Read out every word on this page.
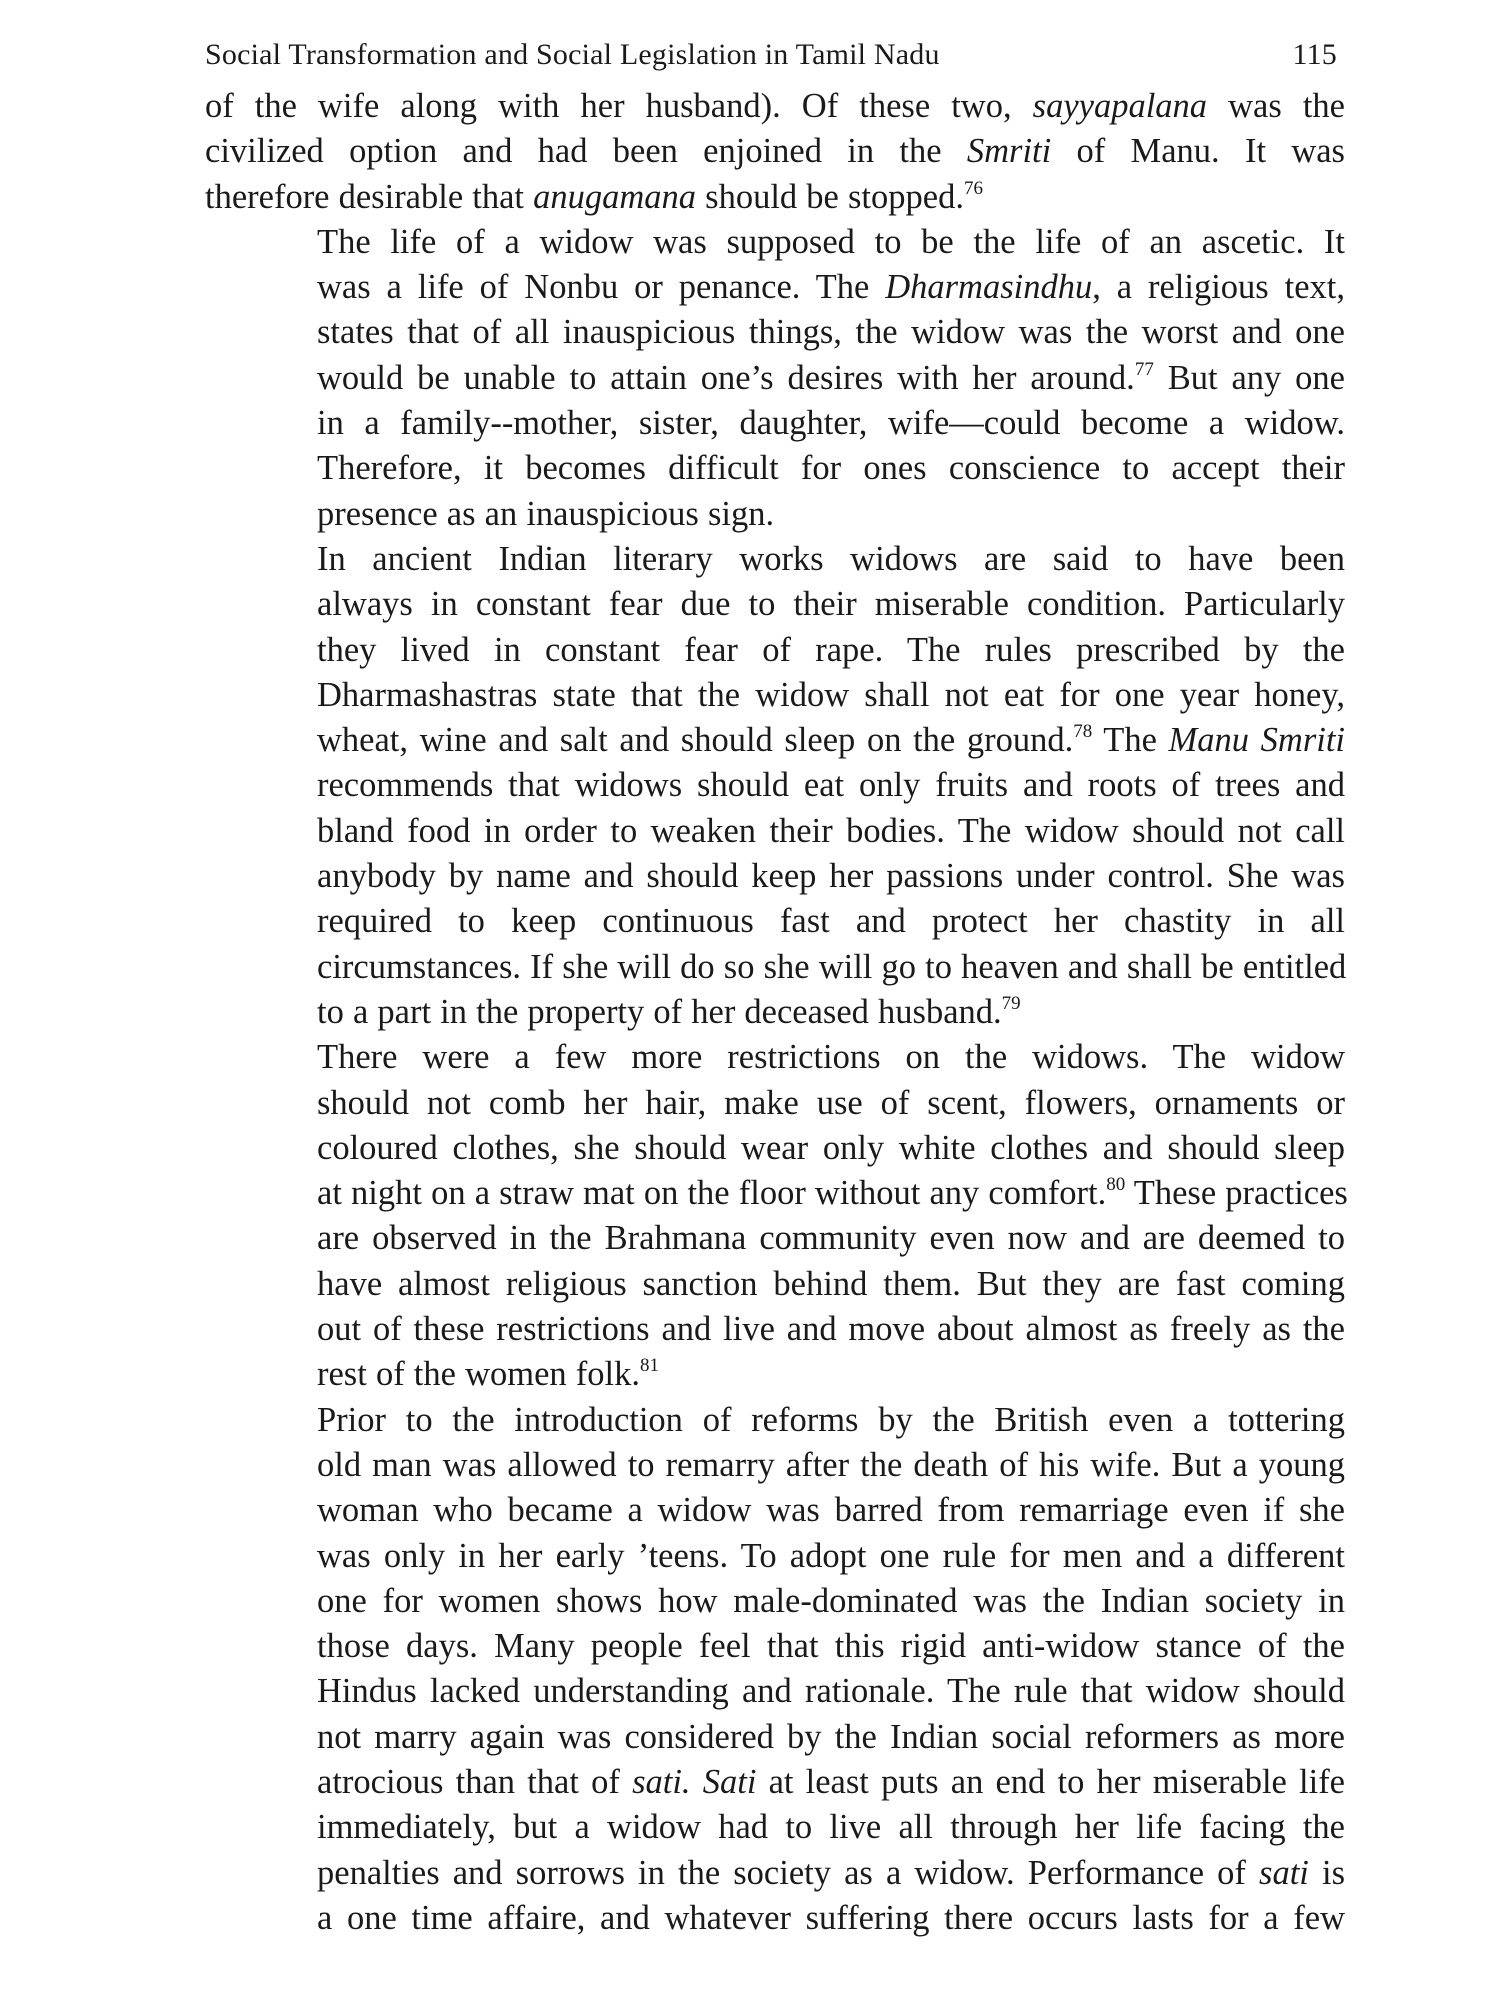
Social Transformation and Social Legislation in Tamil Nadu	115

of the wife along with her husband). Of these two, sayyapalana was the
civilized option and had been enjoined in the Smriti of Manu. It was
therefore desirable that anugamana should be stopped.$^{76}$

The life of a widow was supposed to be the life of an ascetic. It
was a life of Nonbu or penance. The Dharmasindhu, a religious text,
states that of all inauspicious things, the widow was the worst and one
would be unable to attain one’s desires with her around.$^{77}$ But any one
in a family--mother, sister, daughter, wife—could become a widow.
Therefore, it becomes difficult for ones conscience to accept their
presence as an inauspicious sign.

In ancient Indian literary works widows are said to have been
always in constant fear due to their miserable condition. Particularly
they lived in constant fear of rape. The rules prescribed by the
Dharmashastras state that the widow shall not eat for one year honey,
wheat, wine and salt and should sleep on the ground.$^{78}$ The Manu Smriti
recommends that widows should eat only fruits and roots of trees and
bland food in order to weaken their bodies. The widow should not call
anybody by name and should keep her passions under control. She was
required to keep continuous fast and protect her chastity in all
circumstances. If she will do so she will go to heaven and shall be entitled
to a part in the property of her deceased husband.$^{79}$

There were a few more restrictions on the widows. The widow
should not comb her hair, make use of scent, flowers, ornaments or
coloured clothes, she should wear only white clothes and should sleep
at night on a straw mat on the floor without any comfort.$^{80}$ These practices
are observed in the Brahmana community even now and are deemed to
have almost religious sanction behind them. But they are fast coming
out of these restrictions and live and move about almost as freely as the
rest of the women folk.$^{81}$

Prior to the introduction of reforms by the British even a tottering
old man was allowed to remarry after the death of his wife. But a young
woman who became a widow was barred from remarriage even if she
was only in her early ’teens. To adopt one rule for men and a different
one for women shows how male-dominated was the Indian society in
those days. Many people feel that this rigid anti-widow stance of the
Hindus lacked understanding and rationale. The rule that widow should
not marry again was considered by the Indian social reformers as more
atrocious than that of sati. Sati at least puts an end to her miserable life
immediately, but a widow had to live all through her life facing the
penalties and sorrows in the society as a widow. Performance of sati is
a one time affaire, and whatever suffering there occurs lasts for a few
